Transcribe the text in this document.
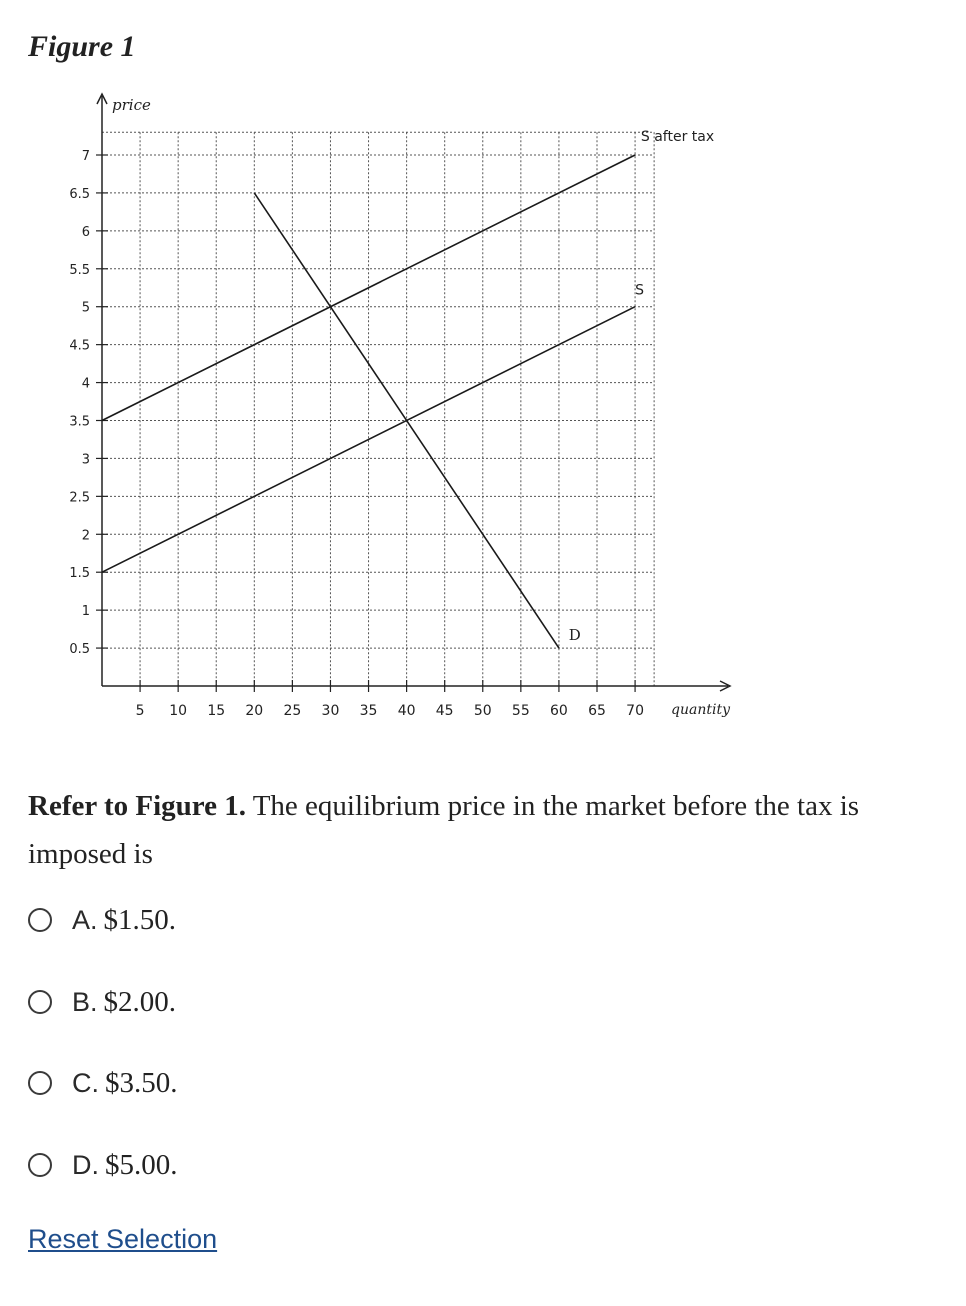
Figure 1
5 10 15 20 25 30 35 40 45 50 55 60 65 70
0.5
1
1.5
2
2.5
3
3.5
4
4.5
5
5.5
6
6.5
7
S after tax
S
D
price
quantity
Refer to Figure 1. The equilibrium price in the market before the tax is imposed is
A. $1.50.
B. $2.00.
C. $3.50.
D. $5.00.
Reset Selection
